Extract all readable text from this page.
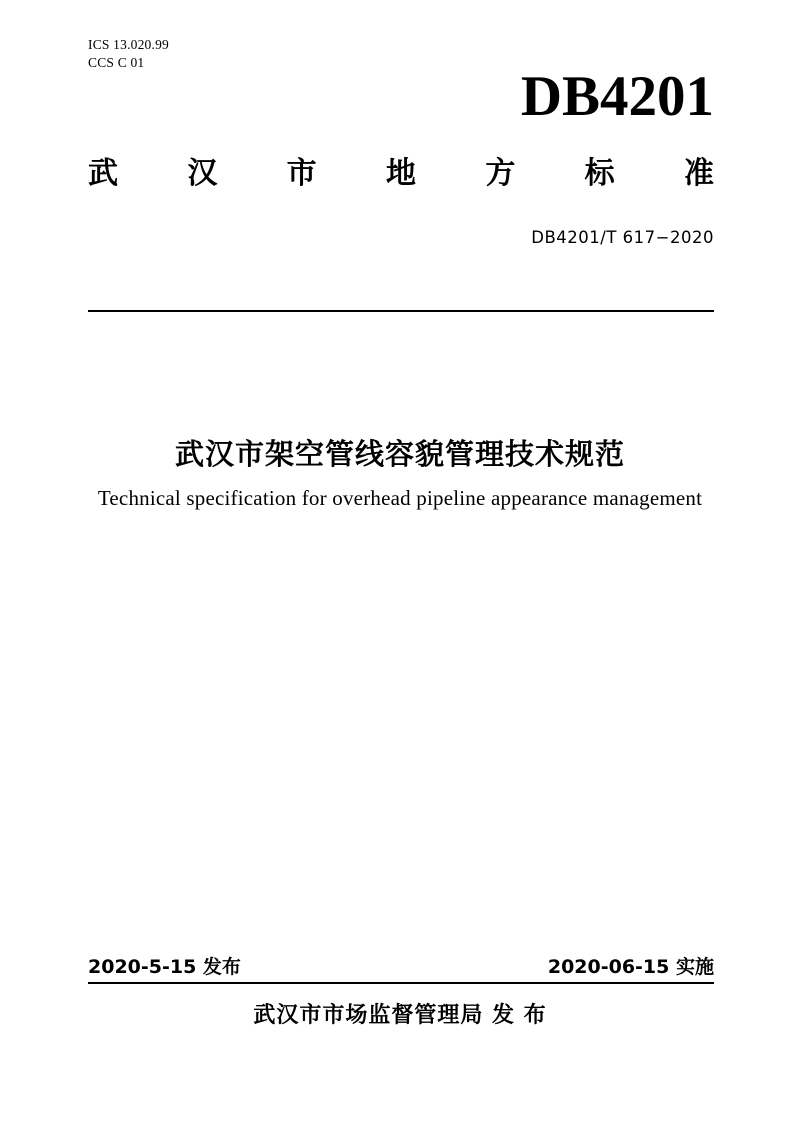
ICS 13.020.99
CCS C 01
DB4201
武 汉 市 地 方 标 准
DB4201/T 617−2020
武汉市架空管线容貌管理技术规范
Technical specification for overhead pipeline appearance management
2020-5-15 发布	2020-06-15 实施
武汉市市场监督管理局 发 布
